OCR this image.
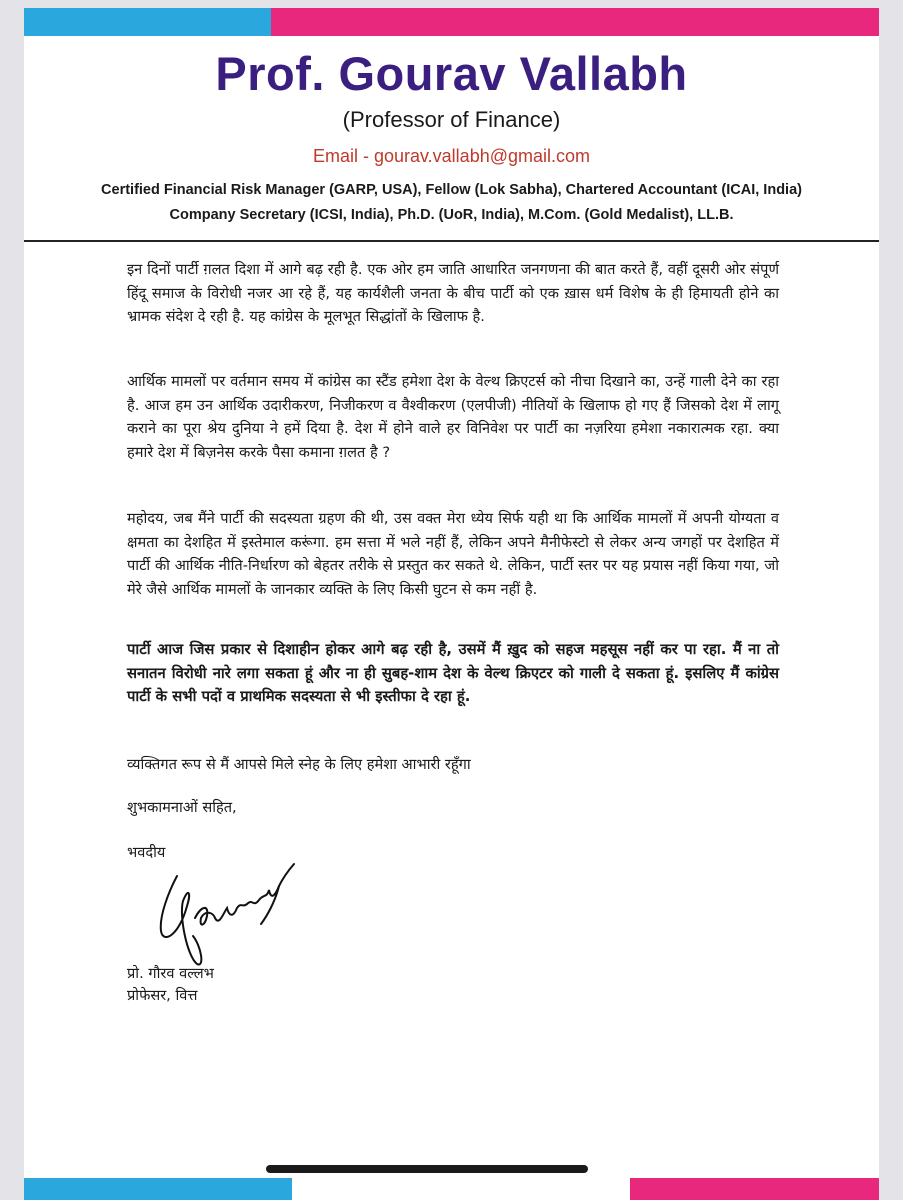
Prof. Gourav Vallabh
(Professor of Finance)
Email - gourav.vallabh@gmail.com
Certified Financial Risk Manager (GARP, USA), Fellow (Lok Sabha), Chartered Accountant (ICAI, India)
Company Secretary (ICSI, India), Ph.D. (UoR, India), M.Com. (Gold Medalist), LL.B.
इन दिनों पार्टी ग़लत दिशा में आगे बढ़ रही है. एक ओर हम जाति आधारित जनगणना की बात करते हैं, वहीं दूसरी ओर संपूर्ण हिंदू समाज के विरोधी नजर आ रहे हैं, यह कार्यशैली जनता के बीच पार्टी को एक ख़ास धर्म विशेष के ही हिमायती होने का भ्रामक संदेश दे रही है. यह कांग्रेस के मूलभूत सिद्धांतों के खिलाफ है.
आर्थिक मामलों पर वर्तमान समय में कांग्रेस का स्टैंड हमेशा देश के वेल्थ क्रिएटर्स को नीचा दिखाने का, उन्हें गाली देने का रहा है. आज हम उन आर्थिक उदारीकरण, निजीकरण व वैश्वीकरण (एलपीजी) नीतियों के खिलाफ हो गए हैं जिसको देश में लागू कराने का पूरा श्रेय दुनिया ने हमें दिया है. देश में होने वाले हर विनिवेश पर पार्टी का नज़रिया हमेशा नकारात्मक रहा. क्या हमारे देश में बिज़नेस करके पैसा कमाना ग़लत है ?
महोदय, जब मैंने पार्टी की सदस्यता ग्रहण की थी, उस वक्त मेरा ध्येय सिर्फ यही था कि आर्थिक मामलों में अपनी योग्यता व क्षमता का देशहित में इस्तेमाल करूंगा. हम सत्ता में भले नहीं हैं, लेकिन अपने मैनीफेस्टो से लेकर अन्य जगहों पर देशहित में पार्टी की आर्थिक नीति-निर्धारण को बेहतर तरीके से प्रस्तुत कर सकते थे. लेकिन, पार्टी स्तर पर यह प्रयास नहीं किया गया, जो मेरे जैसे आर्थिक मामलों के जानकार व्यक्ति के लिए किसी घुटन से कम नहीं है.
पार्टी आज जिस प्रकार से दिशाहीन होकर आगे बढ़ रही है, उसमें मैं ख़ुद को सहज महसूस नहीं कर पा रहा. मैं ना तो सनातन विरोधी नारे लगा सकता हूं और ना ही सुबह-शाम देश के वेल्थ क्रिएटर को गाली दे सकता हूं. इसलिए मैं कांग्रेस पार्टी के सभी पदों व प्राथमिक सदस्यता से भी इस्तीफा दे रहा हूं.
व्यक्तिगत रूप से मैं आपसे मिले स्नेह के लिए हमेशा आभारी रहूँगा
शुभकामनाओं सहित,
भवदीय
प्रो. गौरव वल्लभ
प्रोफेसर, वित्त
